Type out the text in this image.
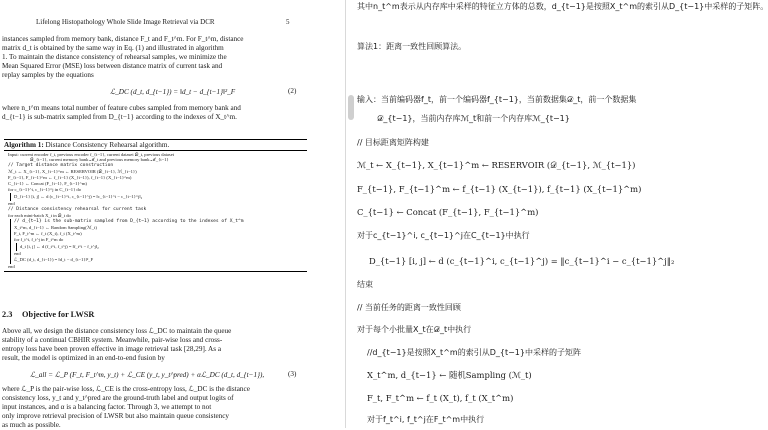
Lifelong Histopathology Whole Slide Image Retrieval via DCR	5
instances sampled from memory bank, distance F_t and F_t^m. For F_t^m, distance
matrix d_t is obtained by the same way in Eq. (1) and illustrated in algorithm
1. To maintain the distance consistency of rehearsal samples, we minimize the
Mean Squared Error (MSE) loss between distance matrix of current task and
replay samples by the equations
ℒ_DC (d_t, d_{t−1}) = ‖d_t − d_{t−1}‖²_F	(2)
where n_t^m means total number of feature cubes sampled from memory bank and
d_{t−1} is sub-matrix sampled from D_{t−1} according to the indexes of X_t^m.
Algorithm 1: Distance Consistency Rehearsal algorithm.
Input: current encoder f_t, previous encoder f_{t−1}, current dataset 𝒟_t, previous dataset
𝒟_{t−1}, current memory bank ℳ_t and previous memory bank ℳ_{t−1}
// Target distance matrix construction
ℳ_t ← X_{t−1}, X_{t−1}^m ← RESERVOIR (𝒟_{t−1}, ℳ_{t−1})
F_{t−1}, F_{t−1}^m ← f_{t−1} (X_{t−1}), f_{t−1} (X_{t−1}^m)
C_{t−1} ← Concat (F_{t−1}, F_{t−1}^m)
for c_{t−1}^i, c_{t−1}^j in C_{t−1} do
D_{t−1} [i, j] ← d (c_{t−1}^i, c_{t−1}^j) = ‖c_{t−1}^i − c_{t−1}^j‖₂
end
// Distance consistency rehearsal for current task
for each mini-batch X_t in 𝒟_t do
// d_{t−1} is the sub-matrix sampled from D_{t−1} according to the indexes of X_t^m
X_t^m, d_{t−1} ← Random Sampling(ℳ_t)
F_t, F_t^m ← f_t (X_t), f_t (X_t^m)
for f_t^i, f_t^j in F_t^m do
d_t [i, j] ← d (f_t^i, f_t^j) = ‖f_t^i − f_t^j‖₂
end
ℒ_DC (d_t, d_{t−1}) = ‖d_t − d_{t−1}‖²_F
end
2.3 Objective for LWSR
Above all, we design the distance consistency loss ℒ_DC to maintain the queue
stability of a continual CBHIR system. Meanwhile, pair-wise loss and cross-
entropy loss have been proven effective in image retrieval task [28,29]. As a
result, the model is optimized in an end-to-end fusion by
ℒ_all = ℒ_P (F_t, F_t^m, y_t) + ℒ_CE (y_t, y_t^pred) + αℒ_DC (d_t, d_{t−1}),	(3)
where ℒ_P is the pair-wise loss, ℒ_CE is the cross-entropy loss, ℒ_DC is the distance
consistency loss, y_t and y_t^pred are the ground-truth label and output logits of
input instances, and α is a balancing factor. Through 3, we attempt to not
only improve retrieval precision of LWSR but also maintain queue consistency
as much as possible.
其中n_t^m表示从内存库中采样的特征立方体的总数，d_{t−1}是按照X_t^m的索引从D_{t−1}中采样的子矩阵。
算法1：距离一致性回顾算法。
输入：当前编码器f_t，前一个编码器f_{t−1}，当前数据集𝒟_t，前一个数据集
𝒟_{t−1}，当前内存库ℳ_t和前一个内存库ℳ_{t−1}
// 目标距离矩阵构建
ℳ_t ← X_{t−1}, X_{t−1}^m ← RESERVOIR (𝒟_{t−1}, ℳ_{t−1})
F_{t−1}, F_{t−1}^m ← f_{t−1} (X_{t−1}), f_{t−1} (X_{t−1}^m)
C_{t−1} ← Concat (F_{t−1}, F_{t−1}^m)
对于c_{t−1}^i, c_{t−1}^j在C_{t−1}中执行
D_{t−1} [i, j] ← d (c_{t−1}^i, c_{t−1}^j) = ‖c_{t−1}^i − c_{t−1}^j‖₂
结束
// 当前任务的距离一致性回顾
对于每个小批量X_t在𝒟_t中执行
//d_{t−1}是按照X_t^m的索引从D_{t−1}中采样的子矩阵
X_t^m, d_{t−1} ← 随机Sampling (ℳ_t)
F_t, F_t^m ← f_t (X_t), f_t (X_t^m)
对于f_t^i, f_t^j在F_t^m中执行
